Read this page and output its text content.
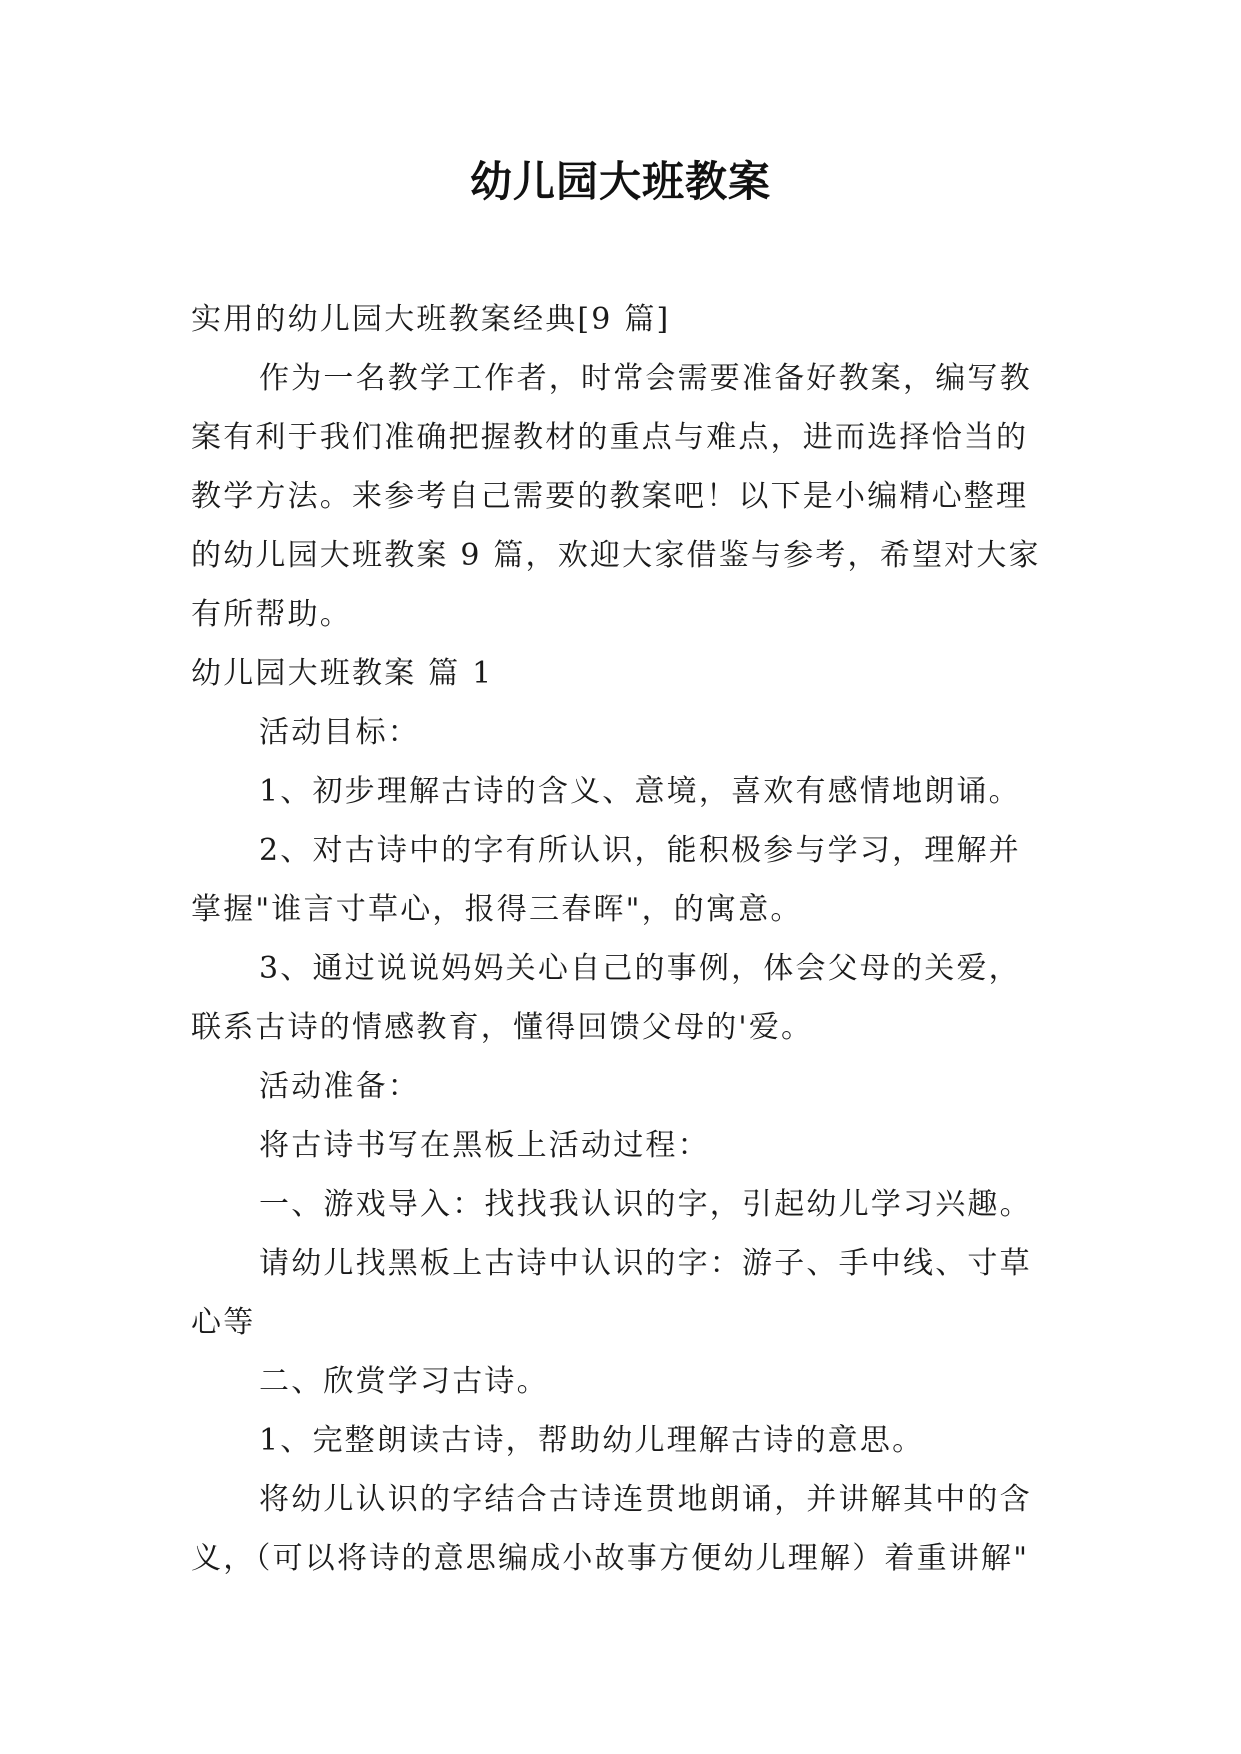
幼儿园大班教案

实用的幼儿园大班教案经典[9 篇]

作为一名教学工作者，时常会需要准备好教案，编写教案有利于我们准确把握教材的重点与难点，进而选择恰当的教学方法。来参考自己需要的教案吧！以下是小编精心整理的幼儿园大班教案 9 篇，欢迎大家借鉴与参考，希望对大家有所帮助。

幼儿园大班教案 篇 1

活动目标：

1、初步理解古诗的含义、意境，喜欢有感情地朗诵。

2、对古诗中的字有所认识，能积极参与学习，理解并掌握"谁言寸草心，报得三春晖"，的寓意。

3、通过说说妈妈关心自己的事例，体会父母的关爱，联系古诗的情感教育，懂得回馈父母的'爱。

活动准备：

将古诗书写在黑板上活动过程：

一、游戏导入：找找我认识的字，引起幼儿学习兴趣。

请幼儿找黑板上古诗中认识的字：游子、手中线、寸草心等

二、欣赏学习古诗。

1、完整朗读古诗，帮助幼儿理解古诗的意思。

将幼儿认识的字结合古诗连贯地朗诵，并讲解其中的含义，（可以将诗的意思编成小故事方便幼儿理解）着重讲解"
